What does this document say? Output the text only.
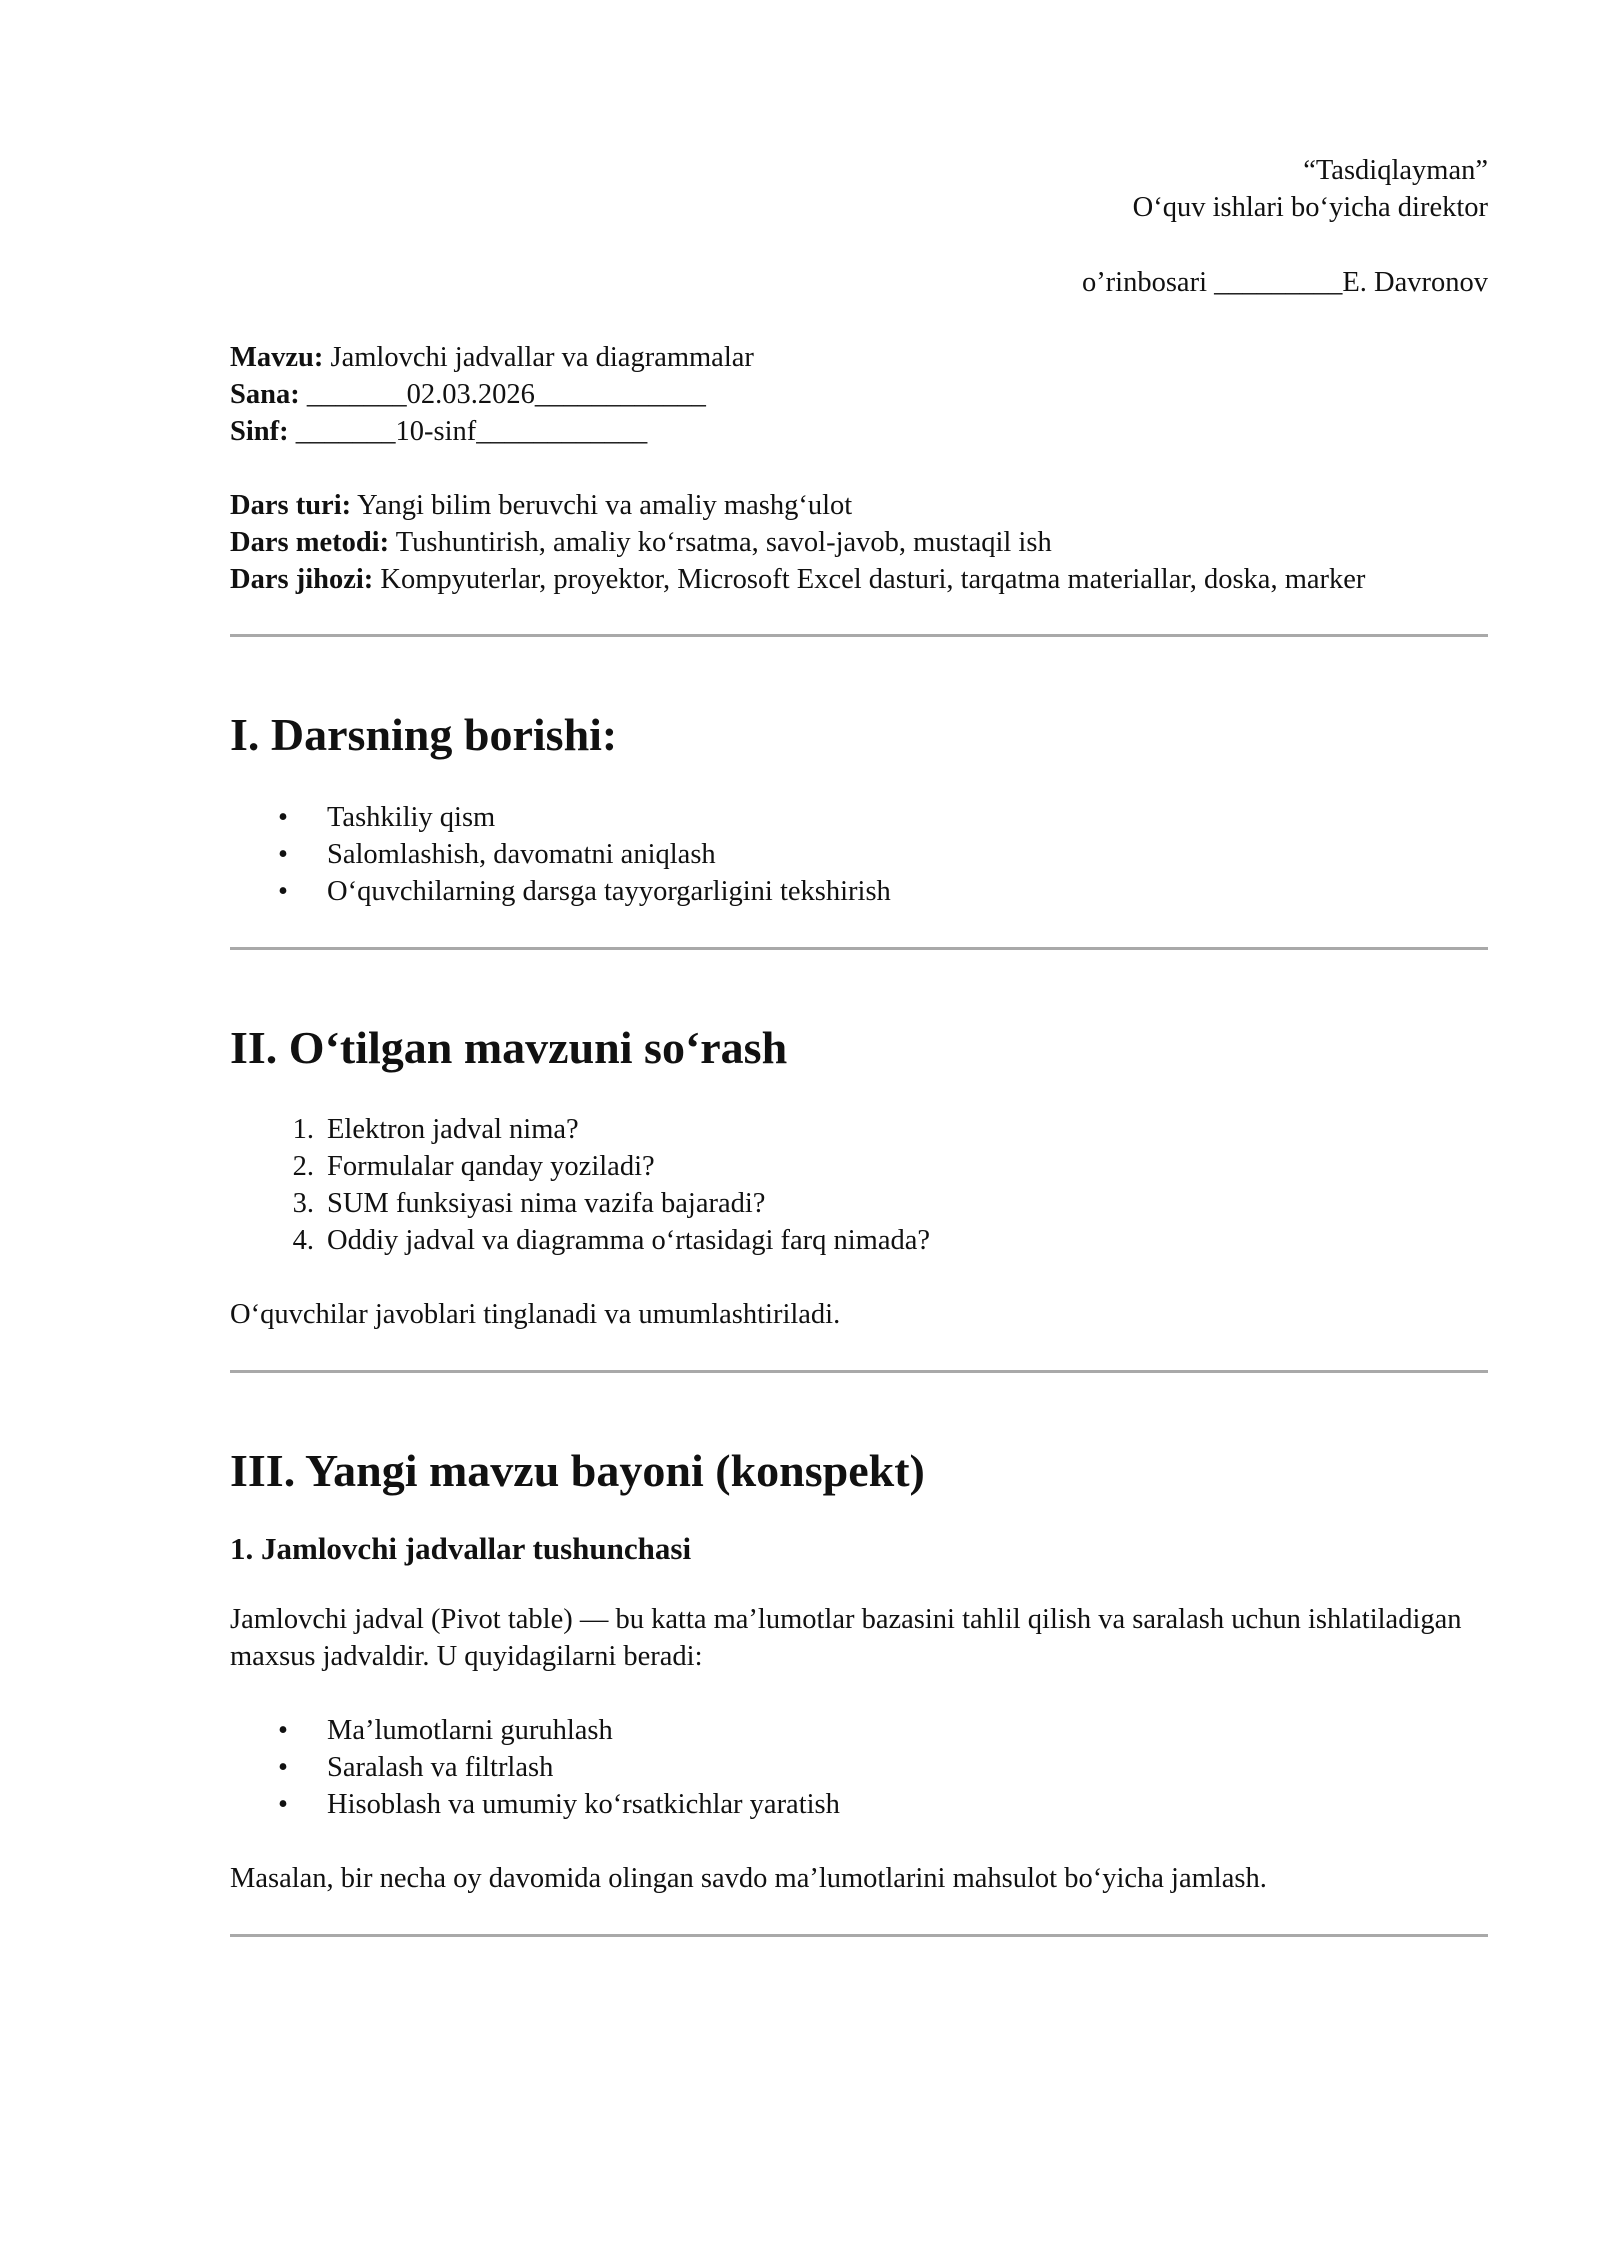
“Tasdiqlayman”
O‘quv ishlari bo‘yicha direktor
o’rinbosari _________E. Davronov
Mavzu: Jamlovchi jadvallar va diagrammalar
Sana: _______02.03.2026____________
Sinf: _______10-sinf____________
Dars turi: Yangi bilim beruvchi va amaliy mashg‘ulot
Dars metodi: Tushuntirish, amaliy ko‘rsatma, savol-javob, mustaqil ish
Dars jihozi: Kompyuterlar, proyektor, Microsoft Excel dasturi, tarqatma materiallar, doska, marker
I. Darsning borishi:
• Tashkiliy qism
• Salomlashish, davomatni aniqlash
• O‘quvchilarning darsga tayyorgarligini tekshirish
II. O‘tilgan mavzuni so‘rash
1. Elektron jadval nima?
2. Formulalar qanday yoziladi?
3. SUM funksiyasi nima vazifa bajaradi?
4. Oddiy jadval va diagramma o‘rtasidagi farq nimada?

O‘quvchilar javoblari tinglanadi va umumlashtiriladi.

III. Yangi mavzu bayoni (konspekt)
1. Jamlovchi jadvallar tushunchasi

Jamlovchi jadval (Pivot table) — bu katta ma’lumotlar bazasini tahlil qilish va saralash uchun ishlatiladigan maxsus jadvaldir. U quyidagilarni beradi:

• Ma’lumotlarni guruhlash
• Saralash va filtrlash
• Hisoblash va umumiy ko‘rsatkichlar yaratish

Masalan, bir necha oy davomida olingan savdo ma’lumotlarini mahsulot bo‘yicha jamlash.
